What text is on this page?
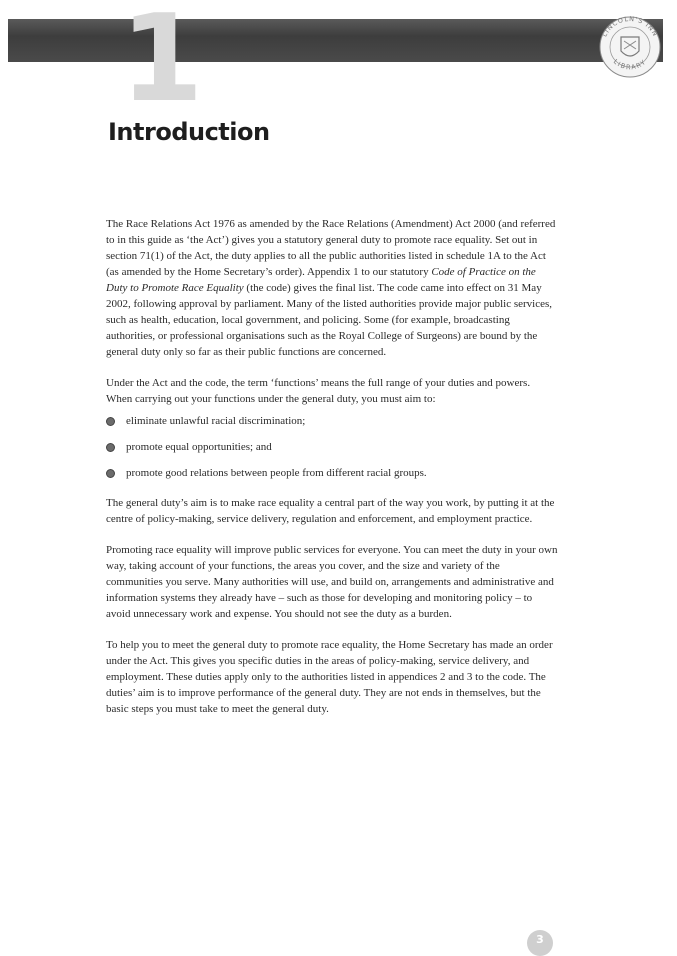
1	LINCOLN'S INN
LIBRARY
Introduction

The Race Relations Act 1976 as amended by the Race Relations (Amendment) Act 2000 (and referred to in this guide as ‘the Act’) gives you a statutory general duty to promote race equality. Set out in section 71(1) of the Act, the duty applies to all the public authorities listed in schedule 1A to the Act (as amended by the Home Secretary’s order). Appendix 1 to our statutory Code of Practice on the Duty to Promote Race Equality (the code) gives the final list. The code came into effect on 31 May 2002, following approval by parliament. Many of the listed authorities provide major public services, such as health, education, local government, and policing. Some (for example, broadcasting authorities, or professional organisations such as the Royal College of Surgeons) are bound by the general duty only so far as their public functions are concerned.

Under the Act and the code, the term ‘functions’ means the full range of your duties and powers. When carrying out your functions under the general duty, you must aim to:

eliminate unlawful racial discrimination;
promote equal opportunities; and
promote good relations between people from different racial groups.

The general duty’s aim is to make race equality a central part of the way you work, by putting it at the centre of policy-making, service delivery, regulation and enforcement, and employment practice.

Promoting race equality will improve public services for everyone. You can meet the duty in your own way, taking account of your functions, the areas you cover, and the size and variety of the communities you serve. Many authorities will use, and build on, arrangements and administrative and information systems they already have – such as those for developing and monitoring policy – to avoid unnecessary work and expense. You should not see the duty as a burden.

To help you to meet the general duty to promote race equality, the Home Secretary has made an order under the Act. This gives you specific duties in the areas of policy-making, service delivery, and employment. These duties apply only to the authorities listed in appendices 2 and 3 to the code. The duties’ aim is to improve performance of the general duty. They are not ends in themselves, but the basic steps you must take to meet the general duty.

3
